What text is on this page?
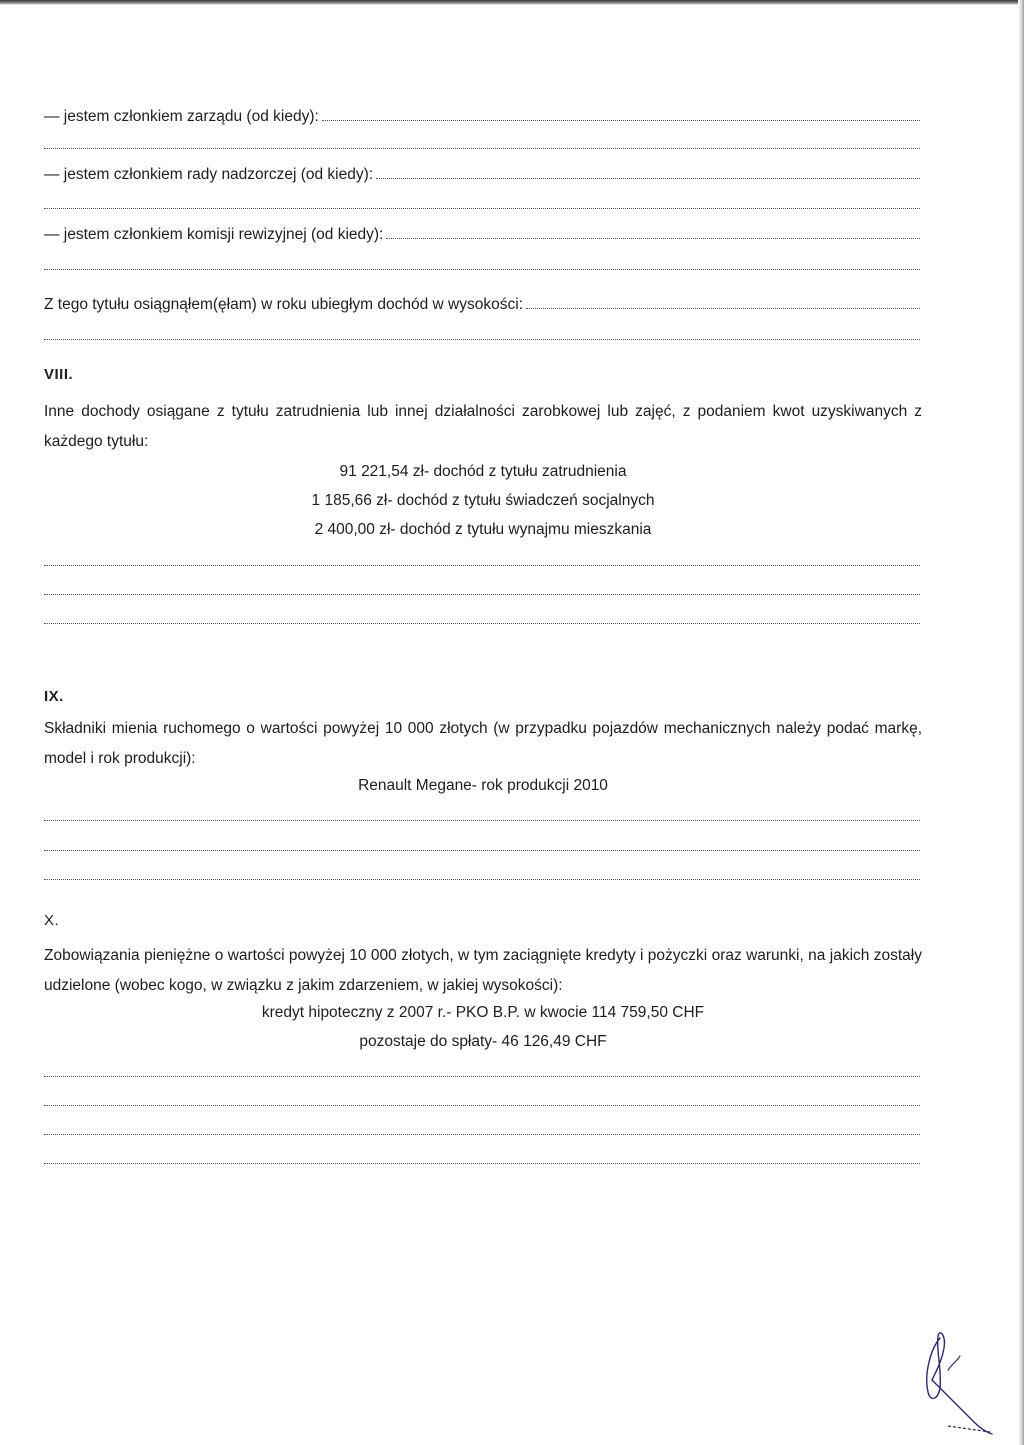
— jestem członkiem zarządu (od kiedy):
— jestem członkiem rady nadzorczej (od kiedy):
— jestem członkiem komisji rewizyjnej (od kiedy):
Z tego tytułu osiągnąłem(ęłam) w roku ubiegłym dochód w wysokości:
VIII.
Inne dochody osiągane z tytułu zatrudnienia lub innej działalności zarobkowej lub zajęć, z podaniem kwot uzyskiwanych z każdego tytułu:
91 221,54 zł- dochód z tytułu zatrudnienia
1 185,66 zł- dochód z tytułu świadczeń socjalnych
2 400,00 zł- dochód z tytułu wynajmu mieszkania
IX.
Składniki mienia ruchomego o wartości powyżej 10 000 złotych (w przypadku pojazdów mechanicznych należy podać markę, model i rok produkcji):
Renault Megane- rok produkcji 2010
X.
Zobowiązania pieniężne o wartości powyżej 10 000 złotych, w tym zaciągnięte kredyty i pożyczki oraz warunki, na jakich zostały udzielone (wobec kogo, w związku z jakim zdarzeniem, w jakiej wysokości):
kredyt hipoteczny z 2007 r.- PKO B.P. w kwocie 114 759,50 CHF
pozostaje do spłaty- 46 126,49 CHF
